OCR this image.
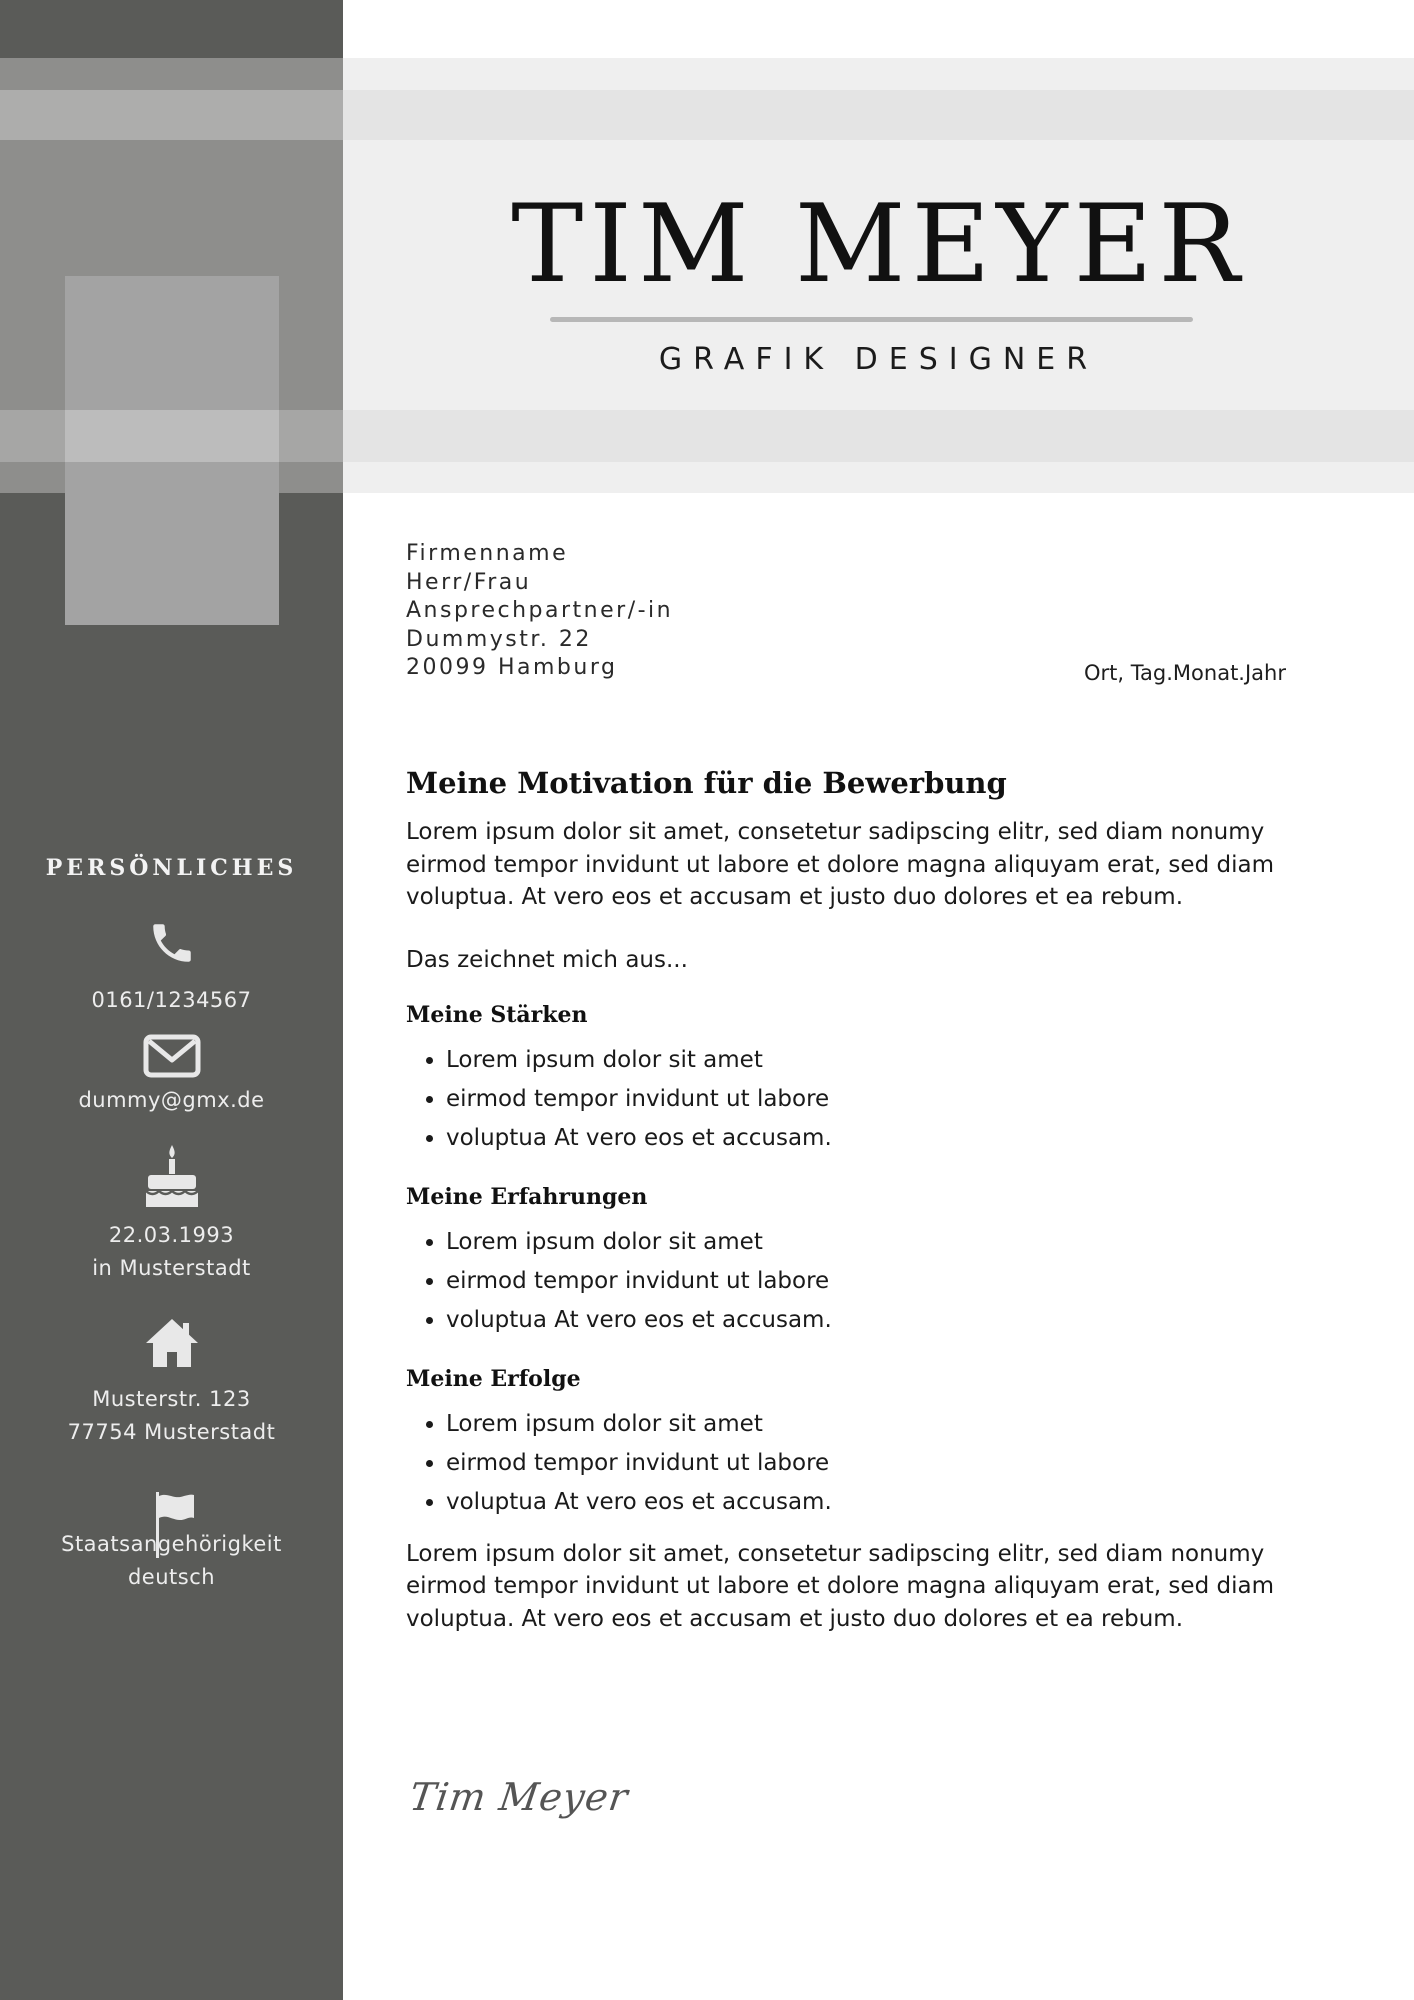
PERSÖNLICHES
0161/1234567
dummy@gmx.de
22.03.1993
in Musterstadt
Musterstr. 123
77754 Musterstadt
Staatsangehörigkeit
deutsch
TIM MEYER
GRAFIK DESIGNER
Firmenname
Herr/Frau
Ansprechpartner/-in
Dummystr. 22
20099 Hamburg	Ort, Tag.Monat.Jahr
Meine Motivation für die Bewerbung

Lorem ipsum dolor sit amet, consetetur sadipscing elitr, sed diam nonumy eirmod tempor invidunt ut labore et dolore magna aliquyam erat, sed diam voluptua. At vero eos et accusam et justo duo dolores et ea rebum.

Das zeichnet mich aus...

Meine Stärken
• Lorem ipsum dolor sit amet
• eirmod tempor invidunt ut labore
• voluptua At vero eos et accusam.
Meine Erfahrungen
• Lorem ipsum dolor sit amet
• eirmod tempor invidunt ut labore
• voluptua At vero eos et accusam.
Meine Erfolge
• Lorem ipsum dolor sit amet
• eirmod tempor invidunt ut labore
• voluptua At vero eos et accusam.

Lorem ipsum dolor sit amet, consetetur sadipscing elitr, sed diam nonumy eirmod tempor invidunt ut labore et dolore magna aliquyam erat, sed diam voluptua. At vero eos et accusam et justo duo dolores et ea rebum.

Tim Meyer
